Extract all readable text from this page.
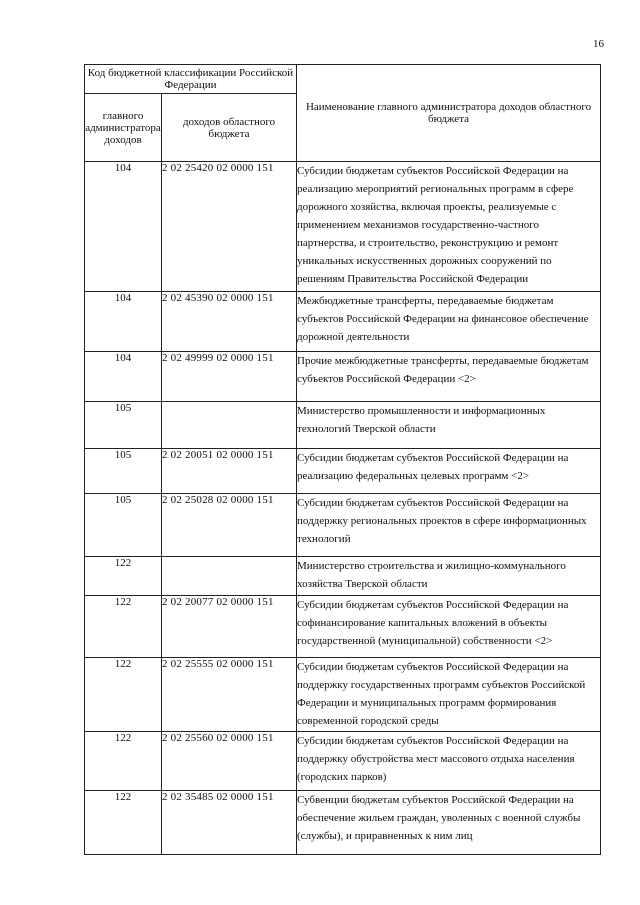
16
Код бюджетной классификации Российской Федерации		Наименование главного администратора доходов областного бюджета
главного администратора доходов	доходов областного бюджета	
104	2 02 25420 02 0000 151	Субсидии бюджетам субъектов Российской Федерации на реализацию мероприятий региональных программ в сфере дорожного хозяйства, включая проекты, реализуемые с применением механизмов государственно-частного партнерства, и строительство, реконструкцию и ремонт уникальных искусственных дорожных сооружений по решениям Правительства Российской Федерации
104	2 02 45390 02 0000 151	Межбюджетные трансферты, передаваемые бюджетам субъектов Российской Федерации на финансовое обеспечение дорожной деятельности
104	2 02 49999 02 0000 151	Прочие межбюджетные трансферты, передаваемые бюджетам субъектов Российской Федерации <2>
105		Министерство промышленности и информационных технологий Тверской области
105	2 02 20051 02 0000 151	Субсидии бюджетам субъектов Российской Федерации на реализацию федеральных целевых программ <2>
105	2 02 25028 02 0000 151	Субсидии бюджетам субъектов Российской Федерации на поддержку региональных проектов в сфере информационных технологий
122		Министерство строительства и жилищно-коммунального хозяйства Тверской области
122	2 02 20077 02 0000 151	Субсидии бюджетам субъектов Российской Федерации на софинансирование капитальных вложений в объекты государственной (муниципальной) собственности <2>
122	2 02 25555 02 0000 151	Субсидии бюджетам субъектов Российской Федерации на поддержку государственных программ субъектов Российской Федерации и муниципальных программ формирования современной городской среды
122	2 02 25560 02 0000 151	Субсидии бюджетам субъектов Российской Федерации на поддержку обустройства мест массового отдыха населения (городских парков)
122	2 02 35485 02 0000 151	Субвенции бюджетам субъектов Российской Федерации на обеспечение жильем граждан, уволенных с военной службы (службы), и приравненных к ним лиц
